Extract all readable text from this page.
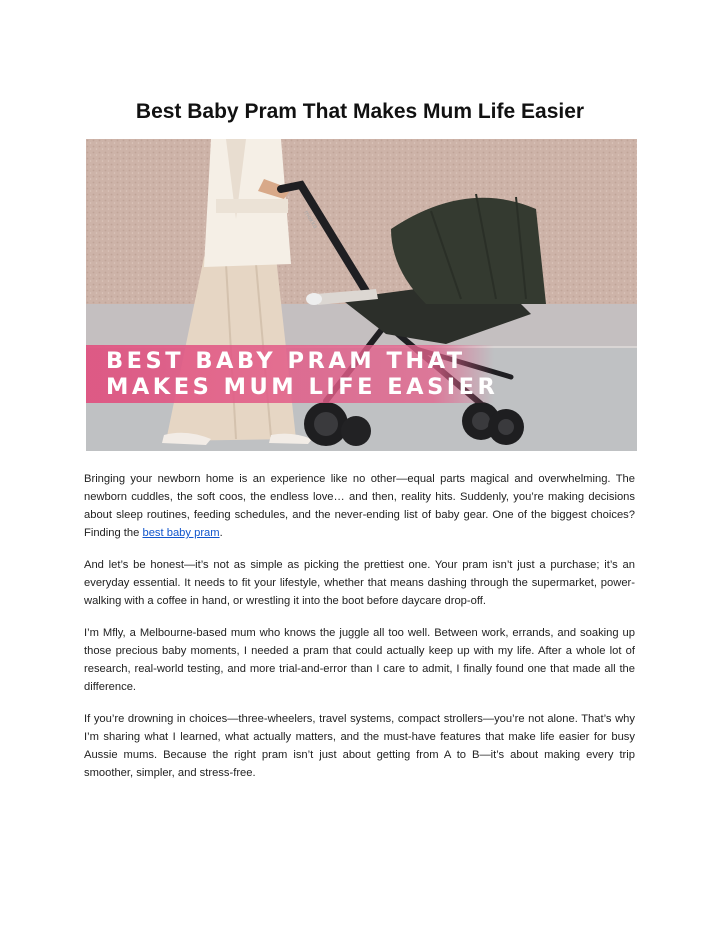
Best Baby Pram That Makes Mum Life Easier
mokka
BEST BABY PRAM THAT
MAKES MUM LIFE EASIER

Bringing your newborn home is an experience like no other—equal parts magical and overwhelming. The newborn cuddles, the soft coos, the endless love… and then, reality hits. Suddenly, you’re making decisions about sleep routines, feeding schedules, and the never-ending list of baby gear. One of the biggest choices? Finding the best baby pram.

And let’s be honest—it’s not as simple as picking the prettiest one. Your pram isn’t just a purchase; it’s an everyday essential. It needs to fit your lifestyle, whether that means dashing through the supermarket, power-walking with a coffee in hand, or wrestling it into the boot before daycare drop-off.

I’m Mfly, a Melbourne-based mum who knows the juggle all too well. Between work, errands, and soaking up those precious baby moments, I needed a pram that could actually keep up with my life. After a whole lot of research, real-world testing, and more trial-and-error than I care to admit, I finally found one that made all the difference.

If you’re drowning in choices—three-wheelers, travel systems, compact strollers—you’re not alone. That’s why I’m sharing what I learned, what actually matters, and the must-have features that make life easier for busy Aussie mums. Because the right pram isn’t just about getting from A to B—it’s about making every trip smoother, simpler, and stress-free.
